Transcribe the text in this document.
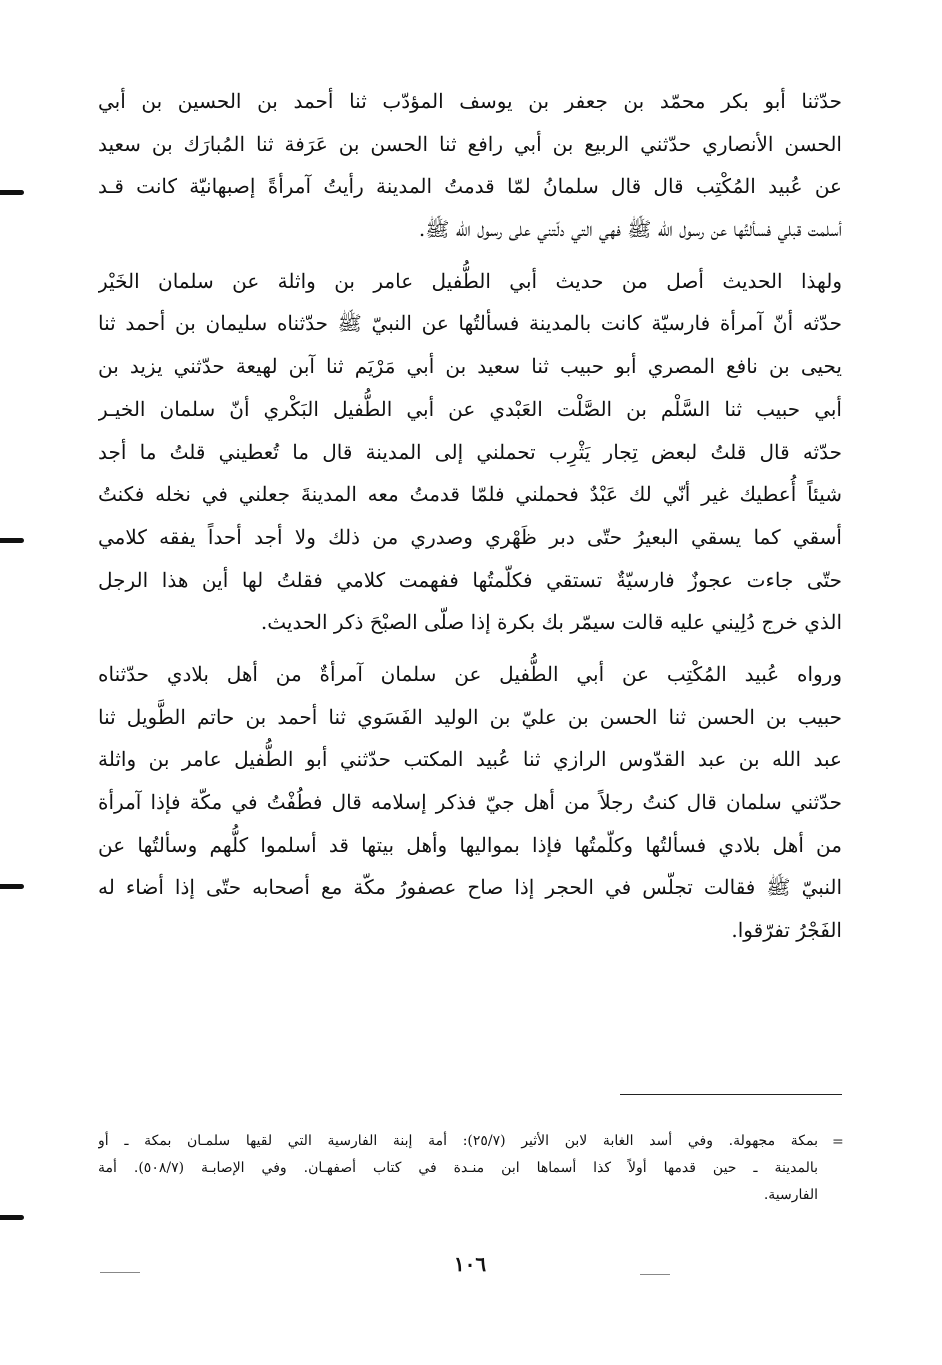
حدّثنا أبو بكر محمّد بن جعفر بن يوسف المؤدّب ثنا أحمد بن الحسين بن أبي
الحسن الأنصاري حدّثني الربيع بن أبي رافع ثنا الحسن بن عَرَفة ثنا المُبارَك بن سعيد
عن عُبيد المُكْتِب قال قال سلمانُ لمّا قدمتُ المدينة رأيتُ آمرأةً إصبهانيّة كانت قـد
أسلمت قبلي فسألتُها عن رسول الله ﷺ فهي التي دلّتني على رسول الله ﷺ.
ولهذا الحديث أصل من حديث أبي الطُّفيل عامر بن واثلة عن سلمان الخَيْر
حدّثه أنّ آمرأة فارسيّة كانت بالمدينة فسألتُها عن النبيّ ﷺ حدّثناه سليمان بن أحمد ثنا
يحيى بن نافع المصري أبو حبيب ثنا سعيد بن أبي مَرْيَم ثنا آبن لهيعة حدّثني يزيد بن
أبي حبيب ثنا السَّلْم بن الصَّلْت العَبْدي عن أبي الطُّفيل البَكْري أنّ سلمان الخيـر
حدّثه قال قلتُ لبعض تِجار يَثْرِب تحملني إلى المدينة قال ما تُعطيني قلتُ ما أجد
شيئاً أُعطيك غير أنّي لك عَبْدٌ فحملني فلمّا قدمتُ معه المدينةَ جعلني في نخله فكنتُ
أسقي كما يسقي البعيرُ حتّى دبر ظَهْري وصدري من ذلك ولا أجد أحداً يفقه كلامي
حتّى جاءت عجوزٌ فارسيّةٌ تستقي فكلّمتُها ففهمت كلامي فقلتُ لها أين هذا الرجل
الذي خرج دُلِيني عليه قالت سيمّر بك بكرة إذا صلّى الصبْحَ ذكر الحديث.
ورواه عُبيد المُكْتِب عن أبي الطُّفيل عن سلمان آمرأةٌ من أهل بلادي حدّثناه
حبيب بن الحسن ثنا الحسن بن عليّ بن الوليد الفَسَوي ثنا أحمد بن حاتم الطَّويل ثنا
عبد الله بن عبد القدّوس الرازي ثنا عُبيد المكتب حدّثني أبو الطُّفيل عامر بن واثلة
حدّثني سلمان قال كنتُ رجلاً من أهل جيّ فذكر إسلامه قال فطُفْتُ في مكّة فإذا آمرأة
من أهل بلادي فسألتُها وكلّمتُها فإذا بمواليها وأهل بيتها قد أسلموا كلُّهم وسألتُها عن
النبيّ ﷺ فقالت تجلّس في الحجر إذا صاح عصفورُ مكّة مع أصحابه حتّى إذا أضاء له
الفَجْرُ تفرّقوا.
=
بمكة مجهولة. وفي أسد الغابة لابن الأثير (٢٥/٧): أمة إبنة الفارسية التي لقيها سلمـان بمكة ـ أو
بالمدينة ـ حين قدمها أولاً كذا أسماها ابن منـدة في كتاب أصفهـان. وفي الإصابـة (٥٠٨/٧). أمة
الفارسية.
١٠٦
